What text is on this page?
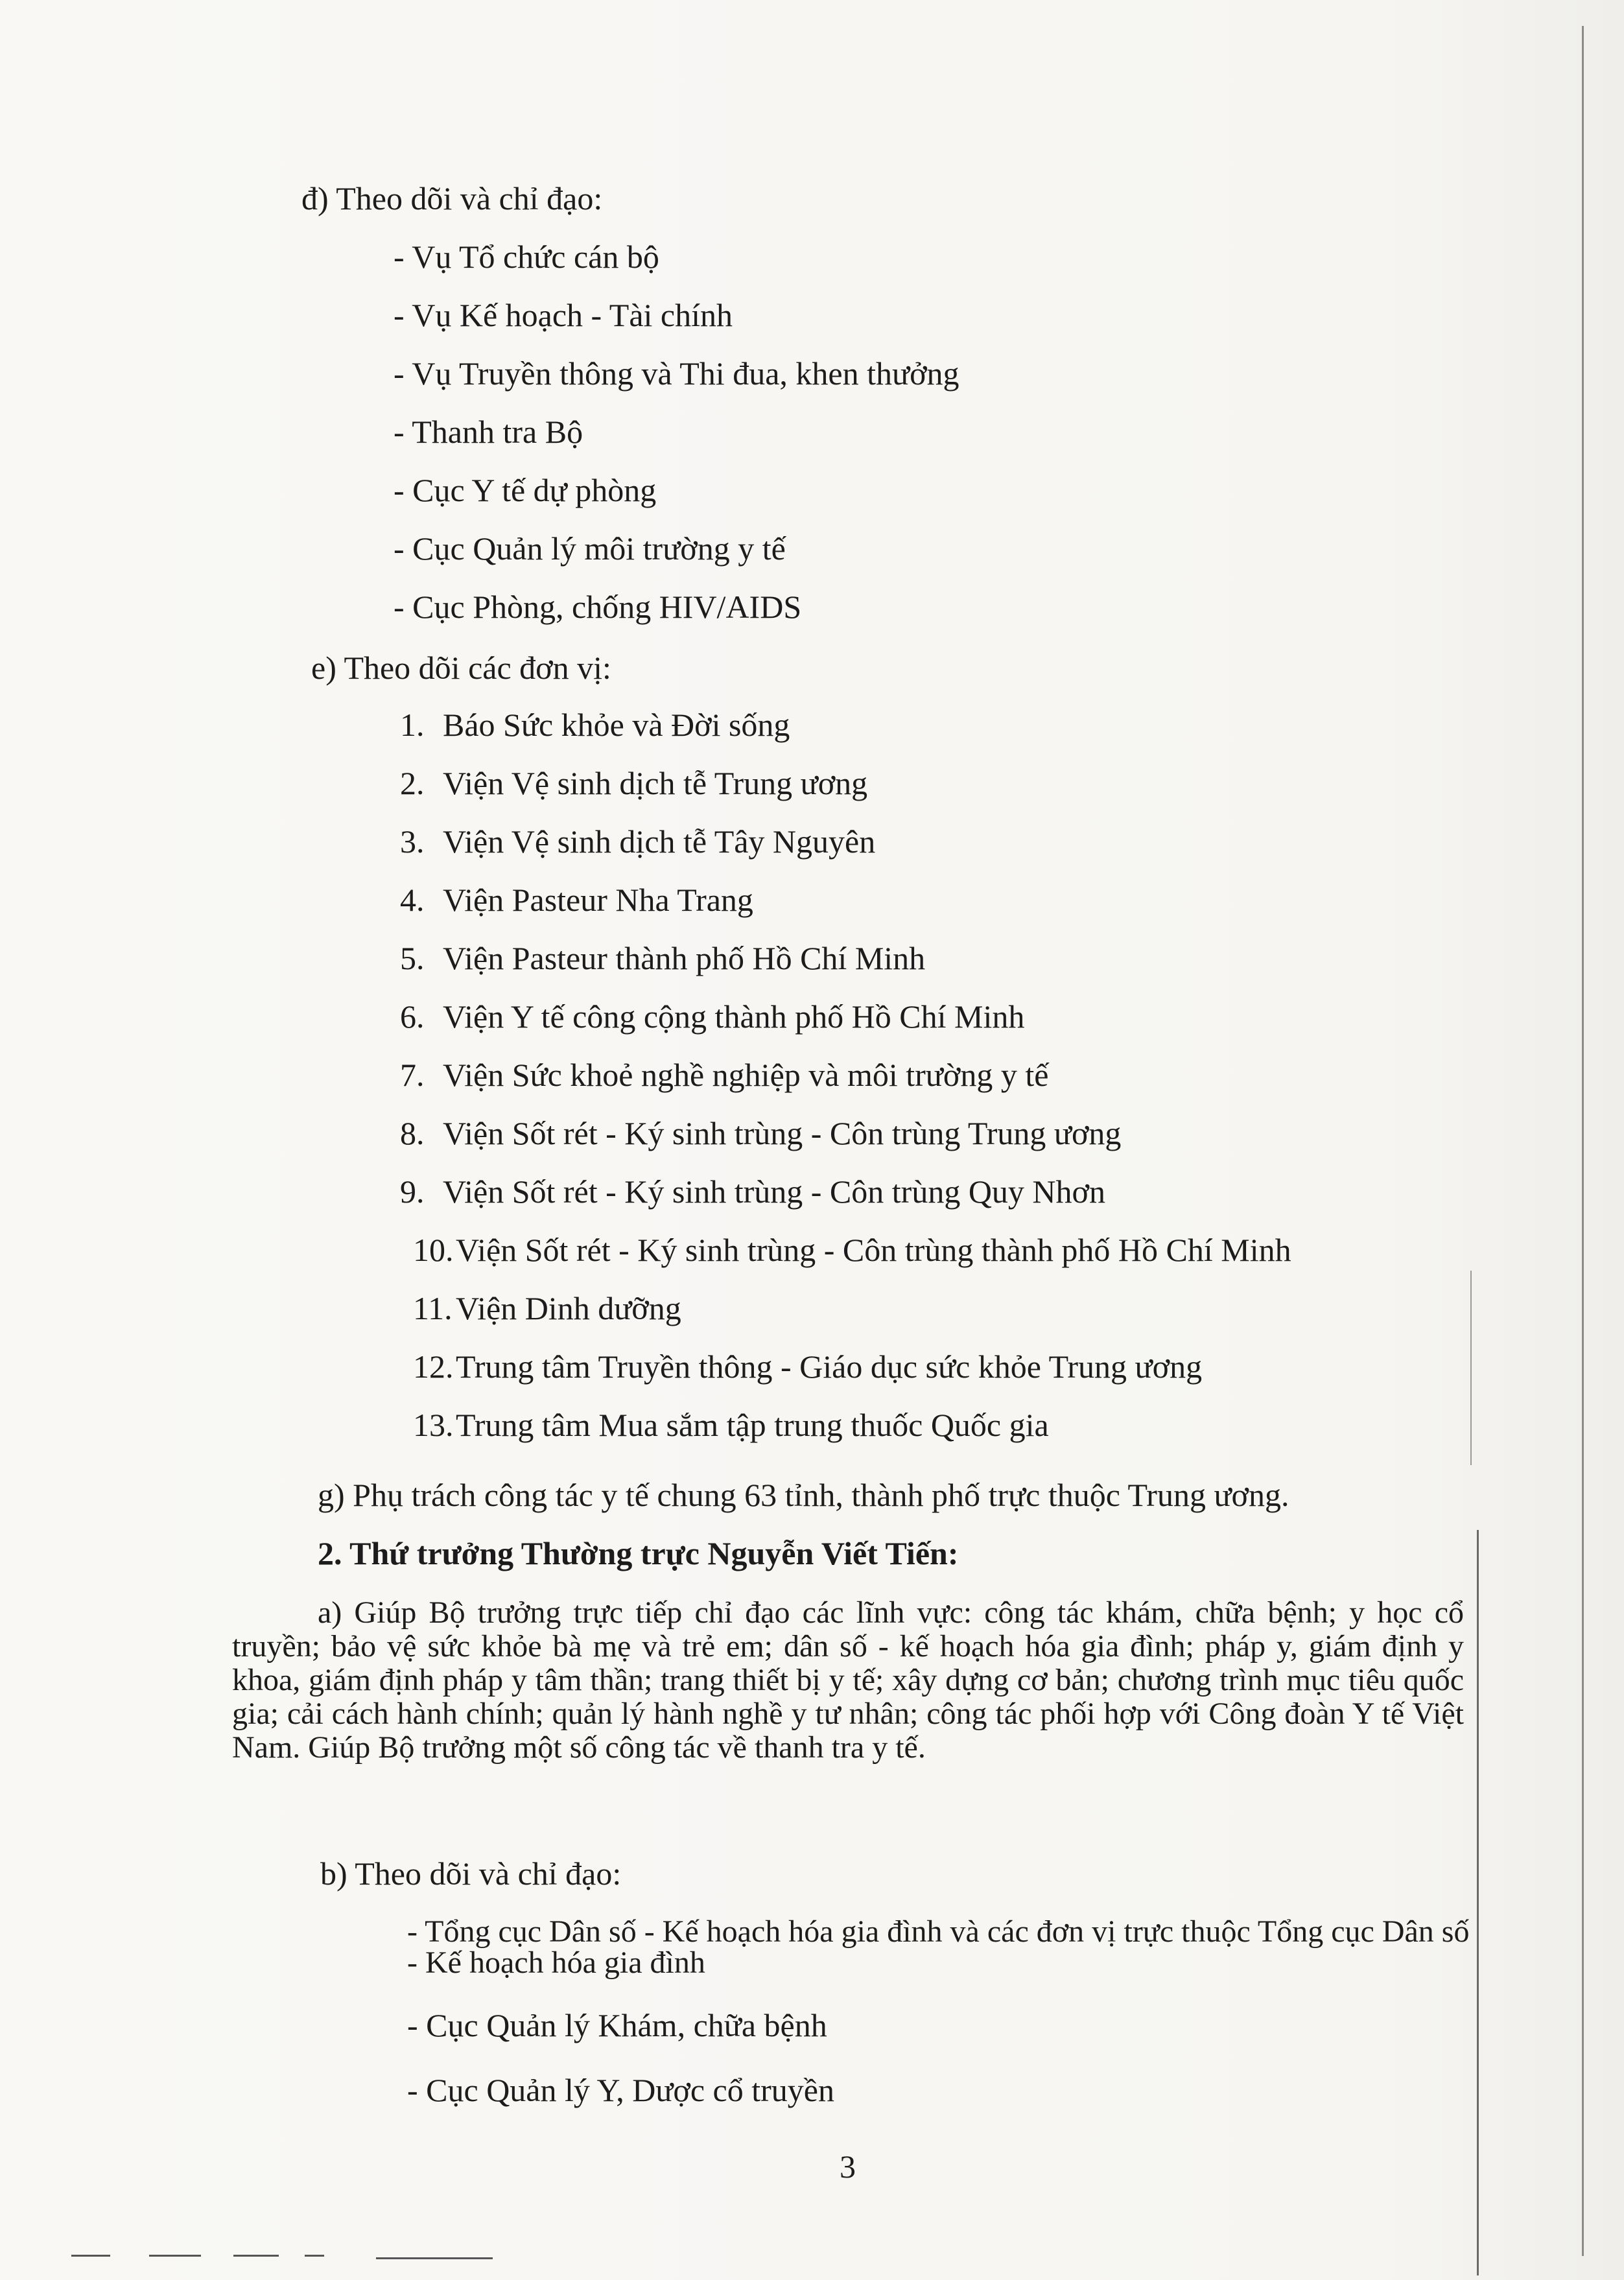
đ) Theo dõi và chỉ đạo:
- Vụ Tổ chức cán bộ
- Vụ Kế hoạch - Tài chính
- Vụ Truyền thông và Thi đua, khen thưởng
- Thanh tra Bộ
- Cục Y tế dự phòng
- Cục Quản lý môi trường y tế
- Cục Phòng, chống HIV/AIDS
e) Theo dõi các đơn vị:
1. Báo Sức khỏe và Đời sống
2. Viện Vệ sinh dịch tễ Trung ương
3. Viện Vệ sinh dịch tễ Tây Nguyên
4. Viện Pasteur Nha Trang
5. Viện Pasteur thành phố Hồ Chí Minh
6. Viện Y tế công cộng thành phố Hồ Chí Minh
7. Viện Sức khoẻ nghề nghiệp và môi trường y tế
8. Viện Sốt rét - Ký sinh trùng - Côn trùng Trung ương
9. Viện Sốt rét - Ký sinh trùng - Côn trùng Quy Nhơn
10.Viện Sốt rét - Ký sinh trùng - Côn trùng thành phố Hồ Chí Minh
11. Viện Dinh dưỡng
12.Trung tâm Truyền thông - Giáo dục sức khỏe Trung ương
13.Trung tâm Mua sắm tập trung thuốc Quốc gia
g) Phụ trách công tác y tế chung 63 tỉnh, thành phố trực thuộc Trung ương.
2. Thứ trưởng Thường trực Nguyễn Viết Tiến:
a) Giúp Bộ trưởng trực tiếp chỉ đạo các lĩnh vực: công tác khám, chữa bệnh; y học cổ truyền; bảo vệ sức khỏe bà mẹ và trẻ em; dân số - kế hoạch hóa gia đình; pháp y, giám định y khoa, giám định pháp y tâm thần; trang thiết bị y tế; xây dựng cơ bản; chương trình mục tiêu quốc gia; cải cách hành chính; quản lý hành nghề y tư nhân; công tác phối hợp với Công đoàn Y tế Việt Nam. Giúp Bộ trưởng một số công tác về thanh tra y tế.
b) Theo dõi và chỉ đạo:
- Tổng cục Dân số - Kế hoạch hóa gia đình và các đơn vị trực thuộc Tổng cục Dân số - Kế hoạch hóa gia đình
- Cục Quản lý Khám, chữa bệnh
- Cục Quản lý Y, Dược cổ truyền
3
